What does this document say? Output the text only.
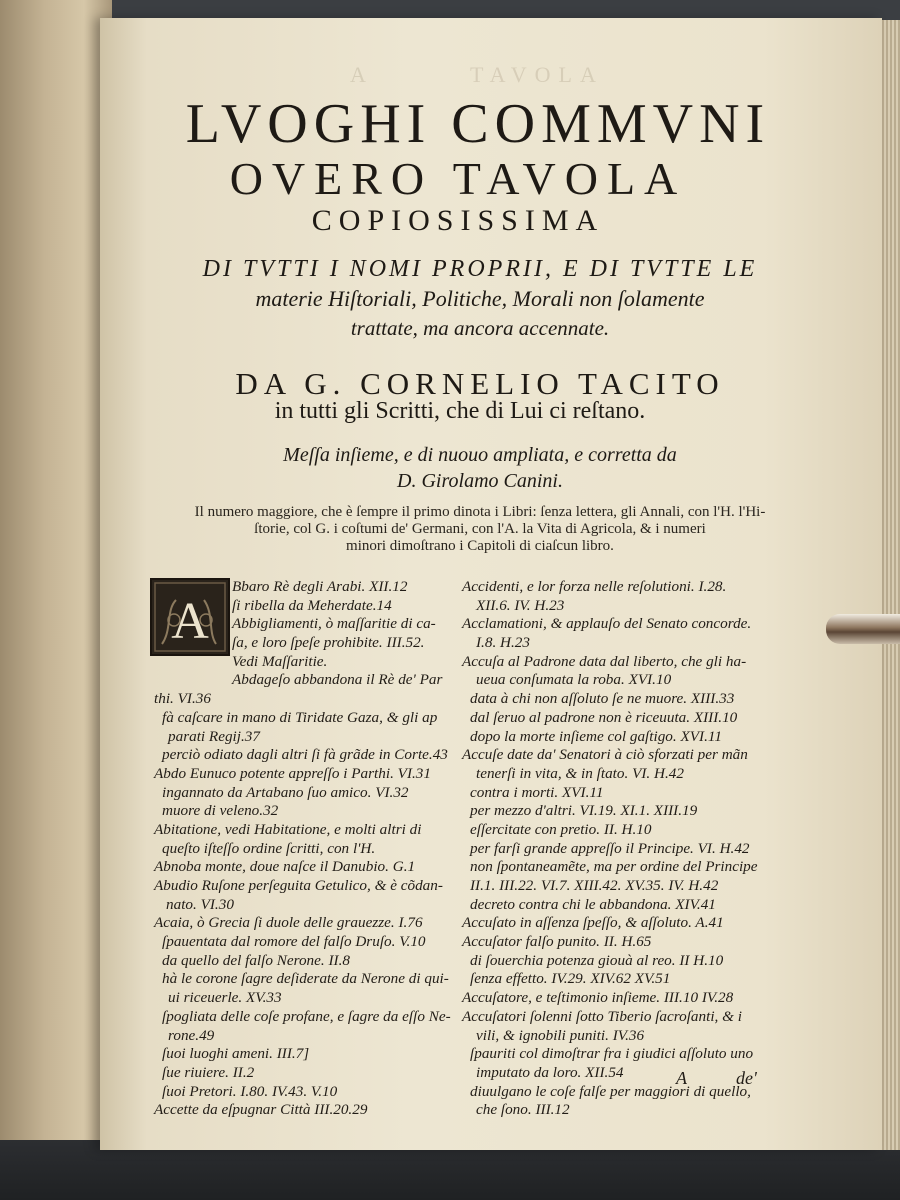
A	TAVOLA
LVOGHI COMMVNI
OVERO TAVOLA
COPIOSISSIMA
DI TVTTI I NOMI PROPRII, E DI TVTTE LE
materie Hiſtoriali, Politiche, Morali non ſolamente
trattate, ma ancora accennate.
DA G. CORNELIO TACITO
in tutti gli Scritti, che di Lui ci reſtano.
Meſſa inſieme, e di nuouo ampliata, e corretta da
D. Girolamo Canini.
Il numero maggiore, che è ſempre il primo dinota i Libri: ſenza lettera, gli Annali, con l'H. l'Hi-
ſtorie, col G. i coſtumi de' Germani, con l'A. la Vita di Agricola, & i numeri
minori dimoſtrano i Capitoli di ciaſcun libro.
A
Bbaro Rè degli Arabi. XII.12
ſi ribella da Meherdate.14
Abbigliamenti, ò maſſaritie di ca-
ſa, e loro ſpeſe prohibite. III.52.
Vedi Maſſaritie.
Abdageſo abbandona il Rè de' Par
thi. VI.36
fà caſcare in mano di Tiridate Gaza, & gli ap
parati Regij.37
perciò odiato dagli altri ſi fà grãde in Corte.43
Abdo Eunuco potente appreſſo i Parthi. VI.31
ingannato da Artabano ſuo amico. VI.32
muore di veleno.32
Abitatione, vedi Habitatione, e molti altri di
queſto iſteſſo ordine ſcritti, con l'H.
Abnoba monte, doue naſce il Danubio. G.1
Abudio Ruſone perſeguita Getulico, & è cõdan-
nato. VI.30
Acaia, ò Grecia ſi duole delle grauezze. I.76
ſpauentata dal romore del falſo Druſo. V.10
da quello del falſo Nerone. II.8
hà le corone ſagre deſiderate da Nerone di qui-
ui riceuerle. XV.33
ſpogliata delle coſe profane, e ſagre da eſſo Ne-
rone.49
ſuoi luoghi ameni. III.7]
ſue riuiere. II.2
ſuoi Pretori. I.80. IV.43. V.10
Accette da eſpugnar Città III.20.29
Accidenti, e lor forza nelle reſolutioni. I.28.
XII.6. IV. H.23
Acclamationi, & applauſo del Senato concorde.
I.8. H.23
Accuſa al Padrone data dal liberto, che gli ha-
ueua conſumata la roba. XVI.10
data à chi non aſſoluto ſe ne muore. XIII.33
dal ſeruo al padrone non è riceuuta. XIII.10
dopo la morte inſieme col gaſtigo. XVI.11
Accuſe date da' Senatori à ciò sforzati per mãn
tenerſi in vita, & in ſtato. VI. H.42
contra i morti. XVI.11
per mezzo d'altri. VI.19. XI.1. XIII.19
eſſercitate con pretio. II. H.10
per farſi grande appreſſo il Principe. VI. H.42
non ſpontaneamẽte, ma per ordine del Principe
II.1. III.22. VI.7. XIII.42. XV.35. IV. H.42
decreto contra chi le abbandona. XIV.41
Accuſato in aſſenza ſpeſſo, & aſſoluto. A.41
Accuſator falſo punito. II. H.65
di ſouerchia potenza giouà al reo. II H.10
ſenza effetto. IV.29. XIV.62 XV.51
Accuſatore, e teſtimonio inſieme. III.10 IV.28
Accuſatori ſolenni ſotto Tiberio ſacroſanti, & i
vili, & ignobili puniti. IV.36
ſpauriti col dimoſtrar fra i giudici aſſoluto uno
imputato da loro. XII.54
diuulgano le coſe falſe per maggiori di quello,
che ſono. III.12
A	de'
